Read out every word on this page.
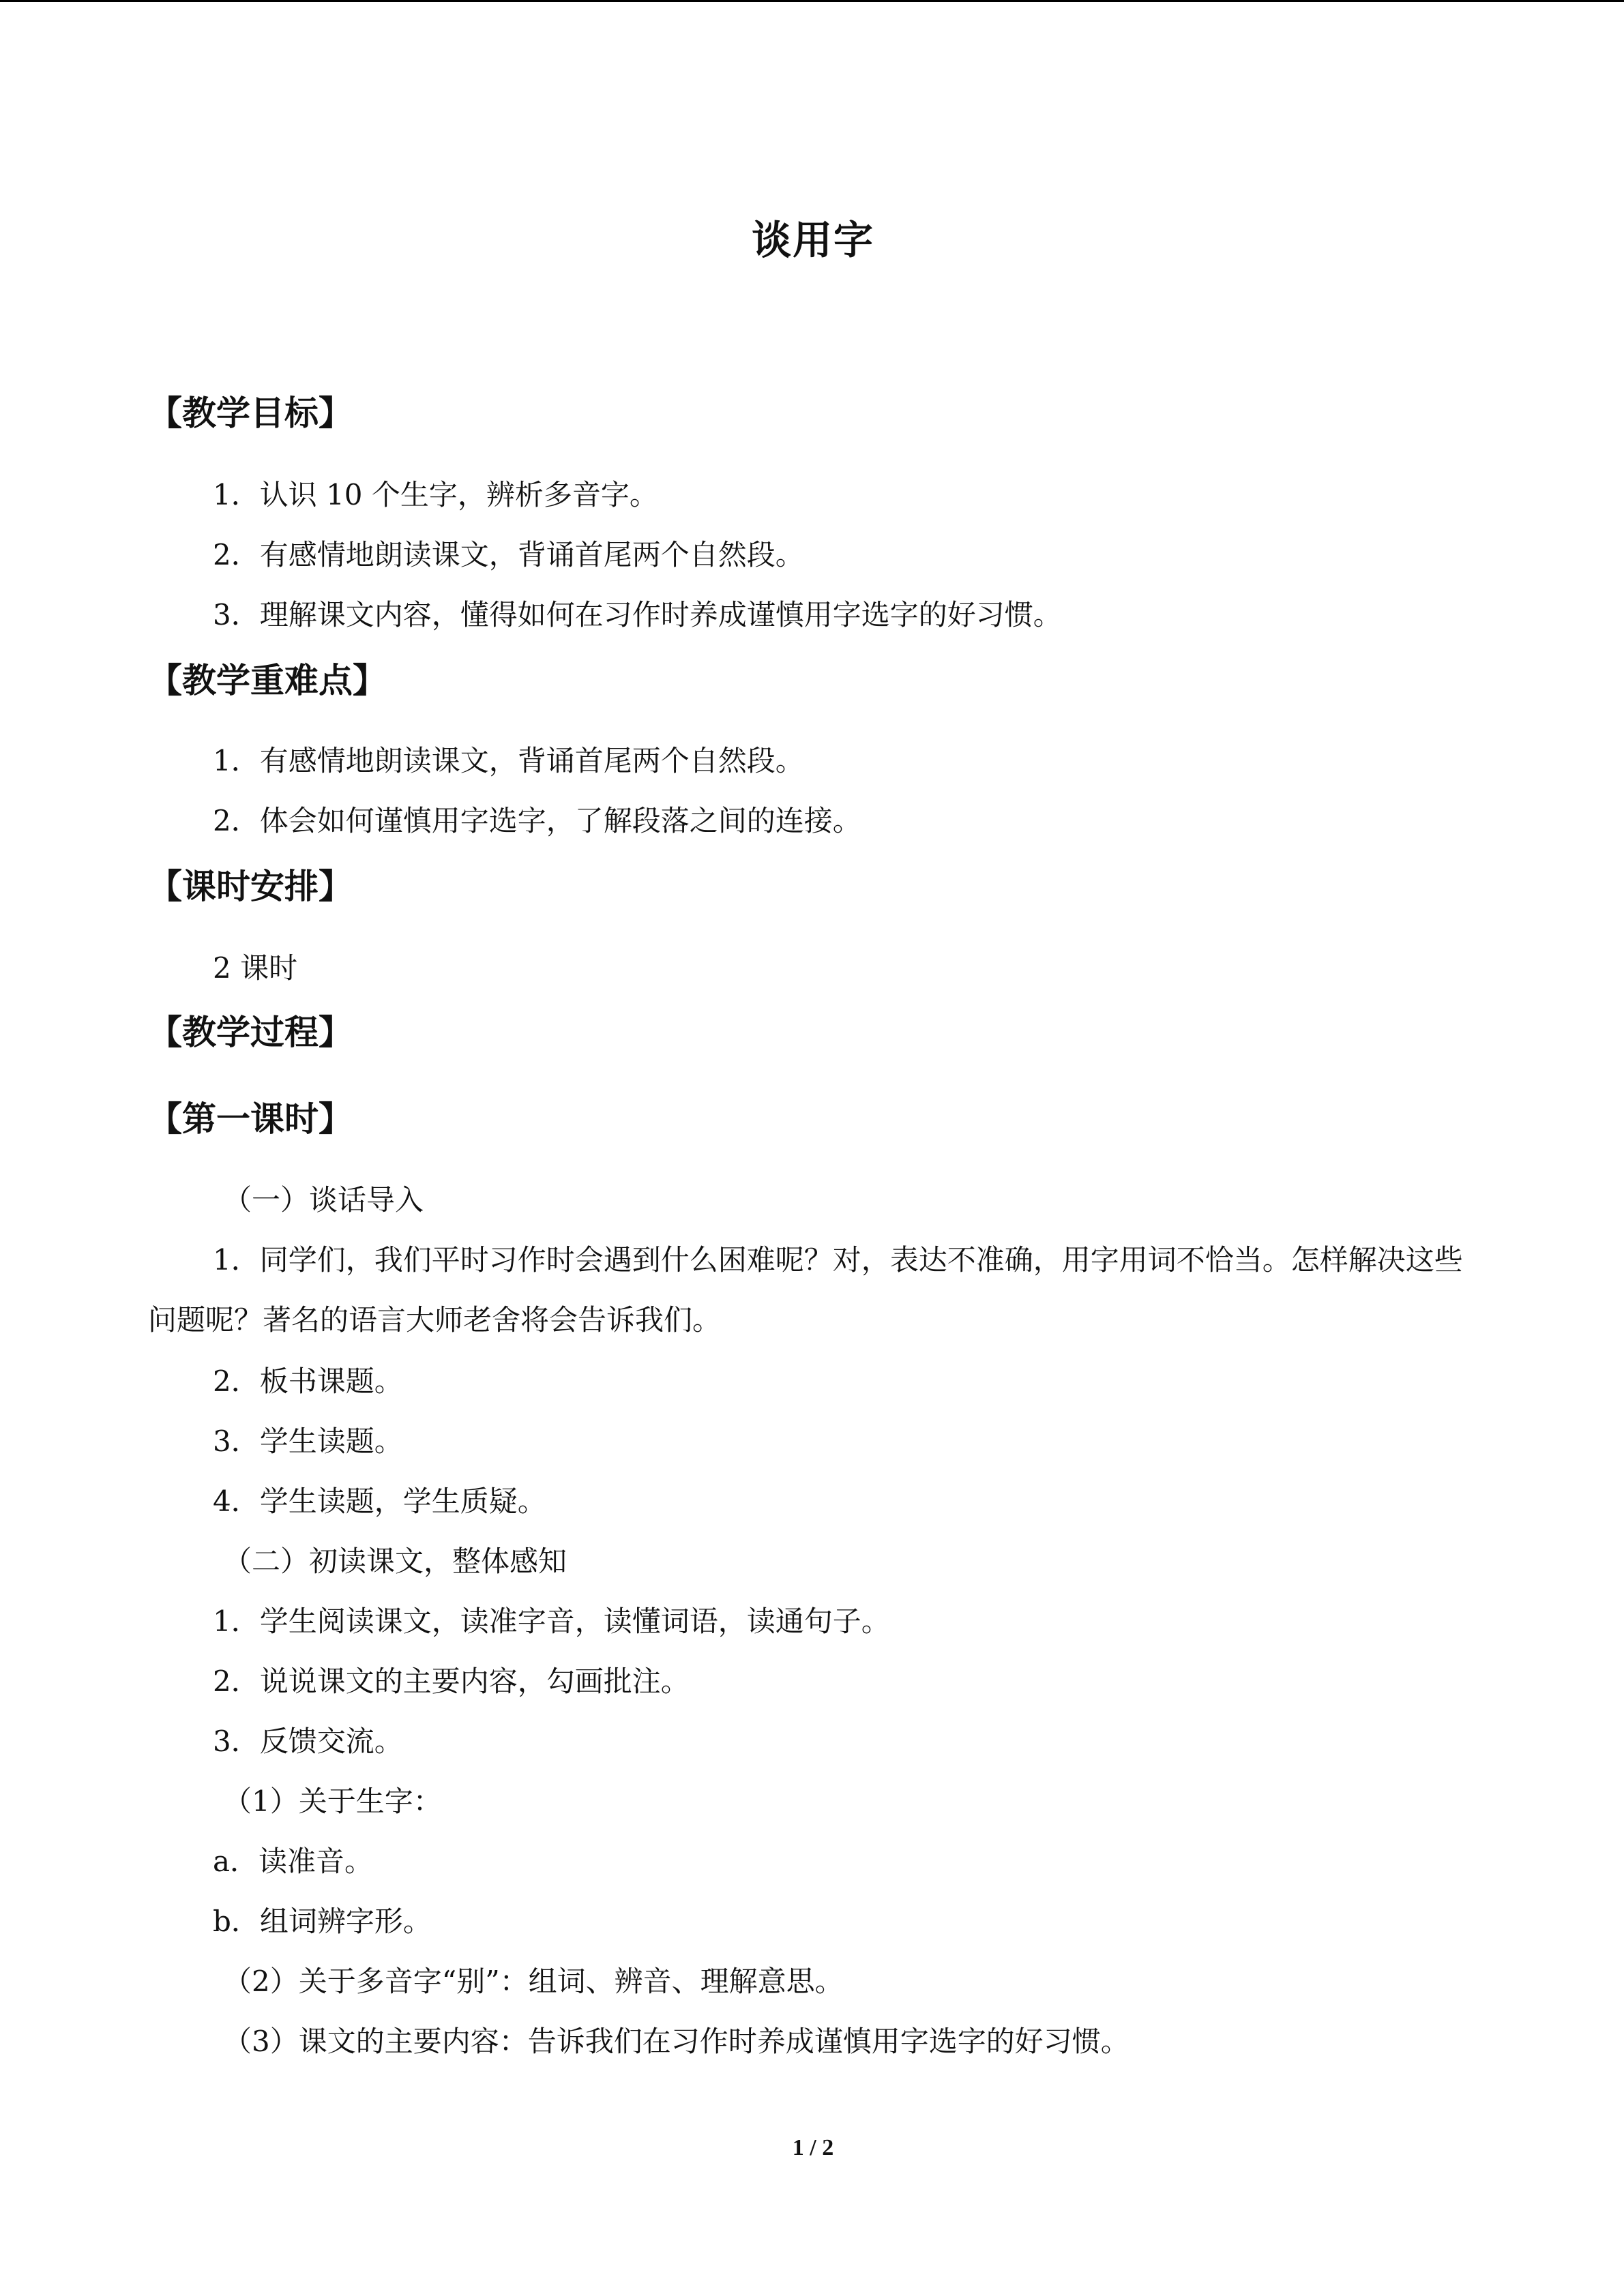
谈用字
【教学目标】
1．认识 10 个生字，辨析多音字。
2．有感情地朗读课文，背诵首尾两个自然段。
3．理解课文内容，懂得如何在习作时养成谨慎用字选字的好习惯。
【教学重难点】
1．有感情地朗读课文，背诵首尾两个自然段。
2．体会如何谨慎用字选字，了解段落之间的连接。
【课时安排】
2 课时
【教学过程】
【第一课时】
（一）谈话导入
1．同学们，我们平时习作时会遇到什么困难呢？对，表达不准确，用字用词不恰当。怎样解决这些问题呢？著名的语言大师老舍将会告诉我们。
2．板书课题。
3．学生读题。
4．学生读题，学生质疑。
（二）初读课文，整体感知
1．学生阅读课文，读准字音，读懂词语，读通句子。
2．说说课文的主要内容，勾画批注。
3．反馈交流。
（1）关于生字：
a．读准音。
b．组词辨字形。
（2）关于多音字“别”：组词、辨音、理解意思。
（3）课文的主要内容：告诉我们在习作时养成谨慎用字选字的好习惯。
1 / 2
